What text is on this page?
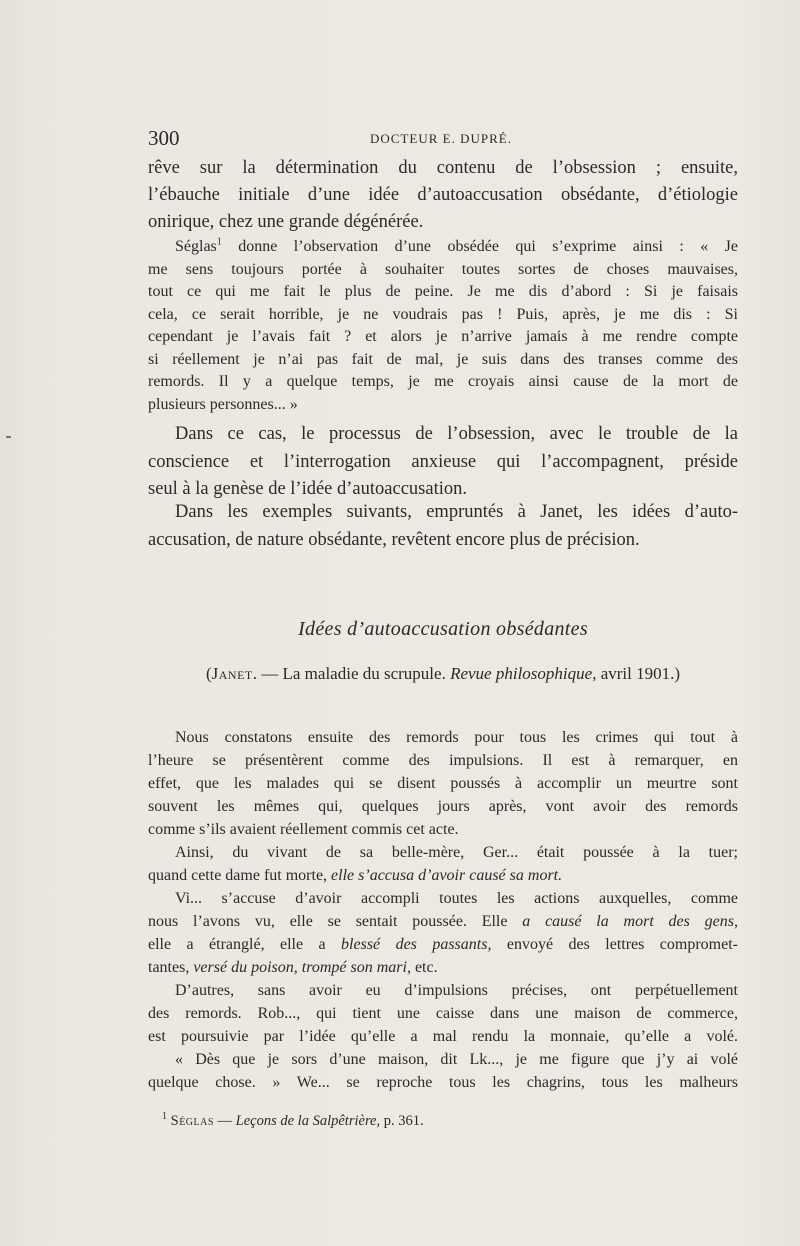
300	DOCTEUR E. DUPRÉ.
rêve sur la détermination du contenu de l’obsession ; ensuite,
l’ébauche initiale d’une idée d’autoaccusation obsédante, d’étiologie
onirique, chez une grande dégénérée.
Séglas$^1$ donne l’observation d’une obsédée qui s’exprime ainsi : « Je
me sens toujours portée à souhaiter toutes sortes de choses mauvaises,
tout ce qui me fait le plus de peine. Je me dis d’abord : Si je faisais
cela, ce serait horrible, je ne voudrais pas ! Puis, après, je me dis : Si
cependant je l’avais fait ? et alors je n’arrive jamais à me rendre compte
si réellement je n’ai pas fait de mal, je suis dans des transes comme des
remords. Il y a quelque temps, je me croyais ainsi cause de la mort de
plusieurs personnes... »
Dans ce cas, le processus de l’obsession, avec le trouble de la
conscience et l’interrogation anxieuse qui l’accompagnent, préside
seul à la genèse de l’idée d’autoaccusation.
Dans les exemples suivants, empruntés à Janet, les idées d’auto-
accusation, de nature obsédante, revêtent encore plus de précision.
Idées d’autoaccusation obsédantes
(Janet. — La maladie du scrupule. Revue philosophique, avril 1901.)
Nous constatons ensuite des remords pour tous les crimes qui tout à
l’heure se présentèrent comme des impulsions. Il est à remarquer, en
effet, que les malades qui se disent poussés à accomplir un meurtre sont
souvent les mêmes qui, quelques jours après, vont avoir des remords
comme s’ils avaient réellement commis cet acte.
Ainsi, du vivant de sa belle-mère, Ger... était poussée à la tuer;
quand cette dame fut morte, elle s’accusa d’avoir causé sa mort.
Vi... s’accuse d’avoir accompli toutes les actions auxquelles, comme
nous l’avons vu, elle se sentait poussée. Elle a causé la mort des gens,
elle a étranglé, elle a blessé des passants, envoyé des lettres compromet-
tantes, versé du poison, trompé son mari, etc.
D’autres, sans avoir eu d’impulsions précises, ont perpétuellement
des remords. Rob..., qui tient une caisse dans une maison de commerce,
est poursuivie par l’idée qu’elle a mal rendu la monnaie, qu’elle a volé.
« Dès que je sors d’une maison, dit Lk..., je me figure que j’y ai volé
quelque chose. » We... se reproche tous les chagrins, tous les malheurs
$^1$ Séglas — Leçons de la Salpêtrière, p. 361.
